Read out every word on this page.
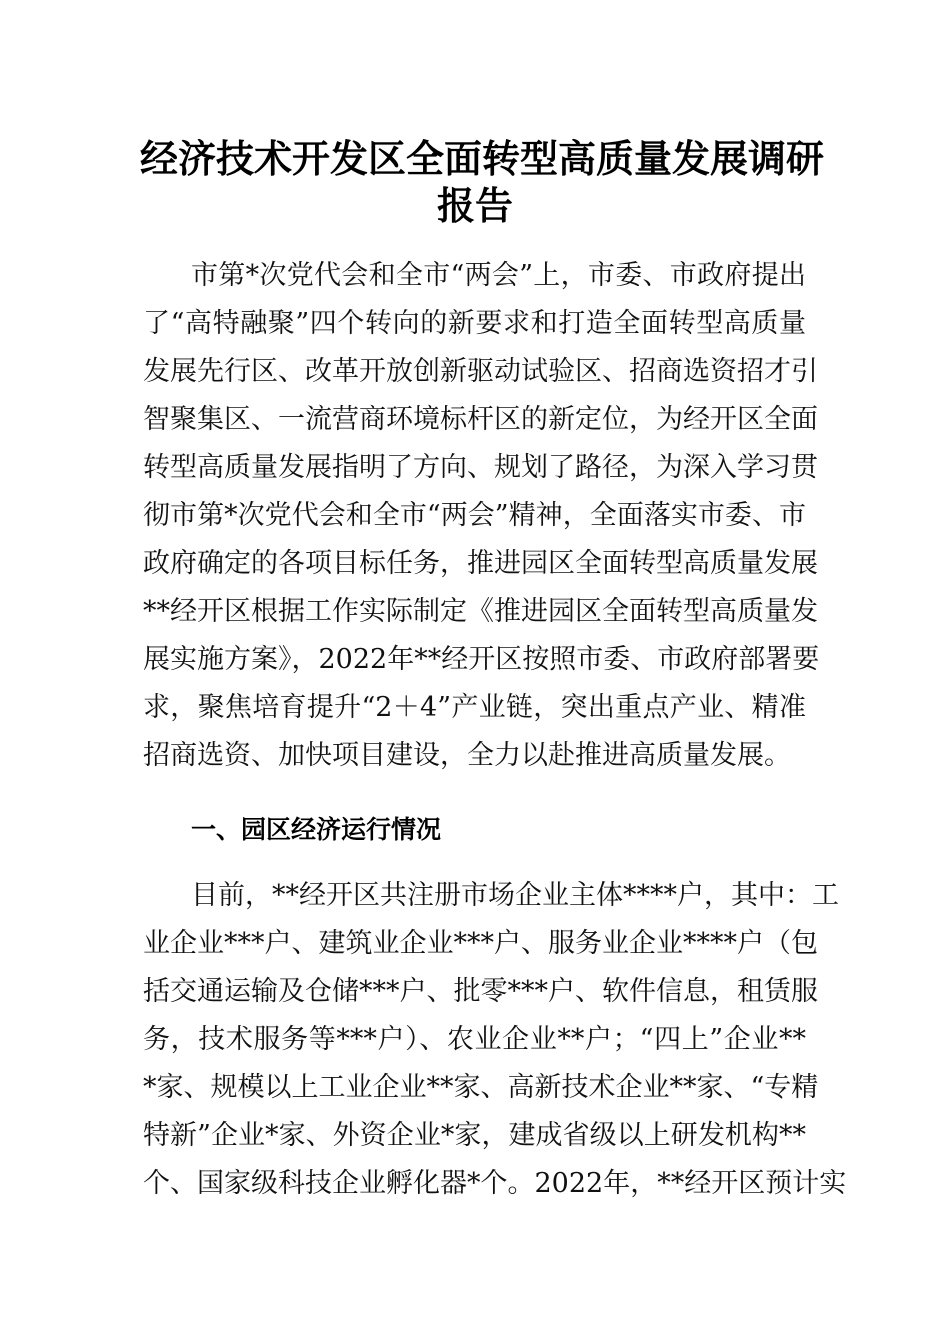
经济技术开发区全面转型高质量发展调研
报告
市第*次党代会和全市“两会”上，市委、市政府提出
了“高特融聚”四个转向的新要求和打造全面转型高质量
发展先行区、改革开放创新驱动试验区、招商选资招才引
智聚集区、一流营商环境标杆区的新定位，为经开区全面
转型高质量发展指明了方向、规划了路径，为深入学习贯
彻市第*次党代会和全市“两会”精神，全面落实市委、市
政府确定的各项目标任务，推进园区全面转型高质量发展
**经开区根据工作实际制定《推进园区全面转型高质量发
展实施方案》，2022年**经开区按照市委、市政府部署要
求，聚焦培育提升“2＋4”产业链，突出重点产业、精准
招商选资、加快项目建设，全力以赴推进高质量发展。
一、园区经济运行情况
目前，**经开区共注册市场企业主体****户，其中：工
业企业***户、建筑业企业***户、服务业企业****户（包
括交通运输及仓储***户、批零***户、软件信息，租赁服
务，技术服务等***户）、农业企业**户；“四上”企业**
*家、规模以上工业企业**家、高新技术企业**家、“专精
特新”企业*家、外资企业*家，建成省级以上研发机构**
个、国家级科技企业孵化器*个。2022年，**经开区预计实
